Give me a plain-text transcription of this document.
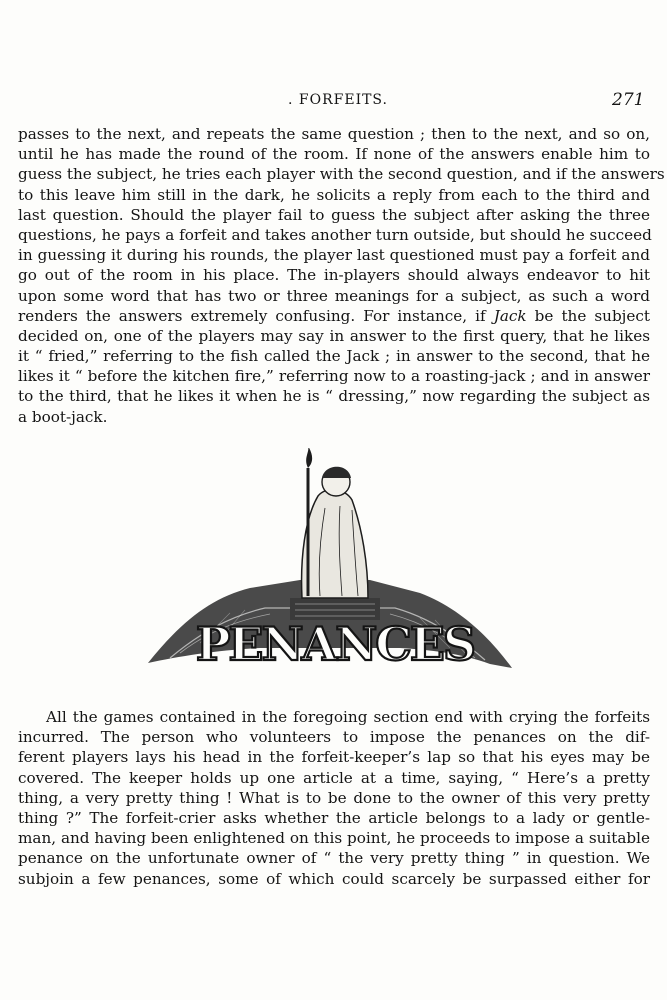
. FORFEITS.	271
passes to the next, and repeats the same question ; then to the next, and so on,
until he has made the round of the room. If none of the answers enable him to
guess the subject, he tries each player with the second question, and if the answers
to this leave him still in the dark, he solicits a reply from each to the third and
last question. Should the player fail to guess the subject after asking the three
questions, he pays a forfeit and takes another turn outside, but should he succeed
in guessing it during his rounds, the player last questioned must pay a forfeit and
go out of the room in his place. The in-players should always endeavor to hit
upon some word that has two or three meanings for a subject, as such a word
renders the answers extremely confusing. For instance, if Jack be the subject
decided on, one of the players may say in answer to the first query, that he likes
it “ fried,” referring to the fish called the Jack ; in answer to the second, that he
likes it “ before the kitchen fire,” referring now to a roasting-jack ; and in answer
to the third, that he likes it when he is “ dressing,” now regarding the subject as
a boot-jack.
PENANCES
All the games contained in the foregoing section end with crying the forfeits
incurred. The person who volunteers to impose the penances on the dif-
ferent players lays his head in the forfeit-keeper’s lap so that his eyes may be
covered. The keeper holds up one article at a time, saying, “ Here’s a pretty
thing, a very pretty thing ! What is to be done to the owner of this very pretty
thing ?” The forfeit-crier asks whether the article belongs to a lady or gentle-
man, and having been enlightened on this point, he proceeds to impose a suitable
penance on the unfortunate owner of “ the very pretty thing ” in question. We
subjoin a few penances, some of which could scarcely be surpassed either for
